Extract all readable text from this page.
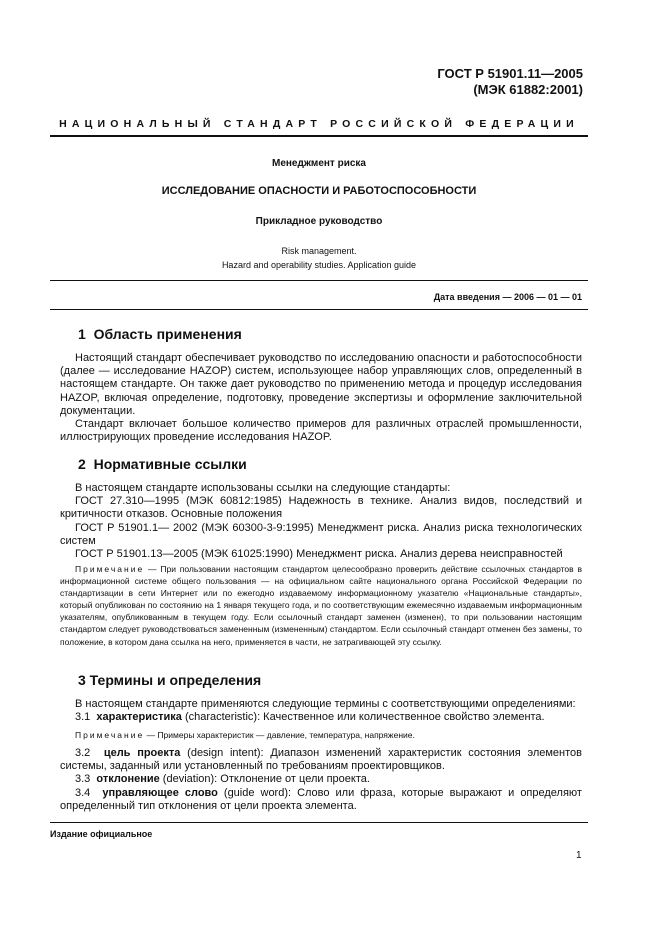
ГОСТ Р 51901.11—2005
(МЭК 61882:2001)
НАЦИОНАЛЬНЫЙ СТАНДАРТ РОССИЙСКОЙ ФЕДЕРАЦИИ
Менеджмент риска
ИССЛЕДОВАНИЕ ОПАСНОСТИ И РАБОТОСПОСОБНОСТИ
Прикладное руководство
Risk management.
Hazard and operability studies. Application guide
Дата введения — 2006 — 01 — 01
1 Область применения

Настоящий стандарт обеспечивает руководство по исследованию опасности и работоспособности (далее — исследование HAZOP) систем, использующее набор управляющих слов, определенный в настоящем стандарте. Он также дает руководство по применению метода и процедур исследования HAZOP, включая определение, подготовку, проведение экспертизы и оформление заключительной документации.

Стандарт включает большое количество примеров для различных отраслей промышленности, иллюстрирующих проведение исследования HAZOP.

2 Нормативные ссылки

В настоящем стандарте использованы ссылки на следующие стандарты:

ГОСТ 27.310—1995 (МЭК 60812:1985) Надежность в технике. Анализ видов, последствий и критичности отказов. Основные положения

ГОСТ Р 51901.1— 2002 (МЭК 60300-3-9:1995) Менеджмент риска. Анализ риска технологических систем

ГОСТ Р 51901.13—2005 (МЭК 61025:1990) Менеджмент риска. Анализ дерева неисправностей

Примечание — При пользовании настоящим стандартом целесообразно проверить действие ссылочных стандартов в информационной системе общего пользования — на официальном сайте национального органа Российской Федерации по стандартизации в сети Интернет или по ежегодно издаваемому информационному указателю «Национальные стандарты», который опубликован по состоянию на 1 января текущего года, и по соответствующим ежемесячно издаваемым информационным указателям, опубликованным в текущем году. Если ссылочный стандарт заменен (изменен), то при пользовании настоящим стандартом следует руководствоваться замененным (измененным) стандартом. Если ссылочный стандарт отменен без замены, то положение, в котором дана ссылка на него, применяется в части, не затрагивающей эту ссылку.

3 Термины и определения

В настоящем стандарте применяются следующие термины с соответствующими определениями:

3.1 характеристика (characteristic): Качественное или количественное свойство элемента.

Примечание — Примеры характеристик — давление, температура, напряжение.

3.2 цель проекта (design intent): Диапазон изменений характеристик состояния элементов системы, заданный или установленный по требованиям проектировщиков.

3.3 отклонение (deviation): Отклонение от цели проекта.

3.4 управляющее слово (guide word): Слово или фраза, которые выражают и определяют определенный тип отклонения от цели проекта элемента.

Издание официальное
1
